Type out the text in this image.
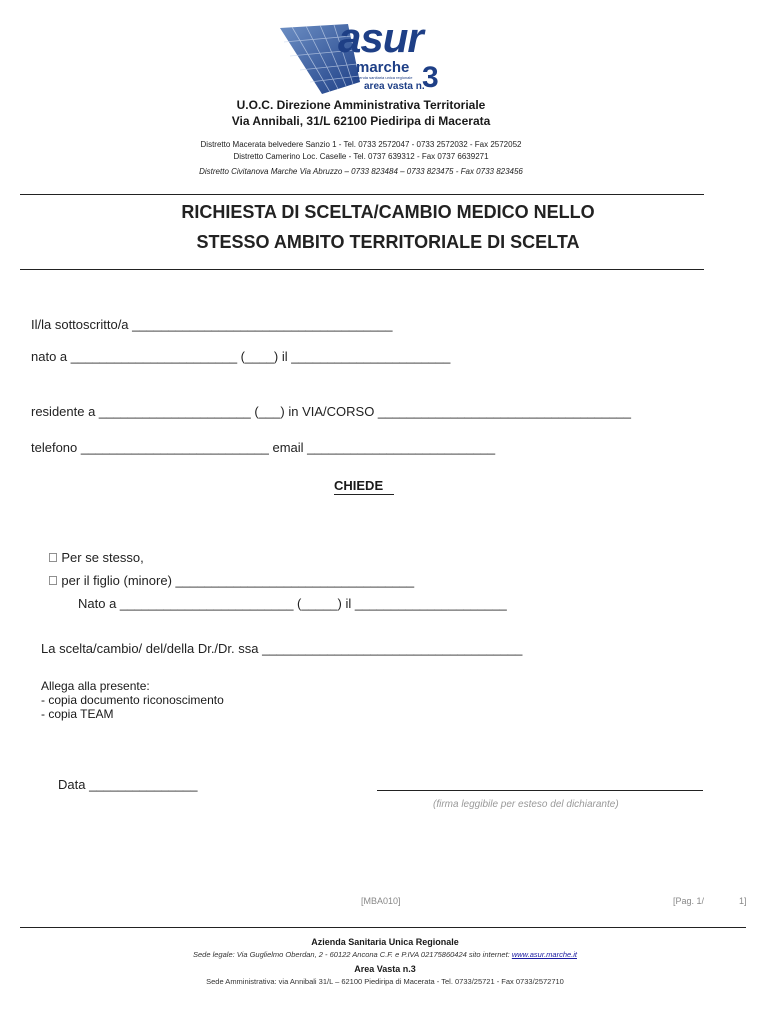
asur
marche
azienda sanitaria unica regionale
area vasta n.
3
U.O.C. Direzione Amministrativa Territoriale
Via Annibali, 31/L 62100 Piediripa di Macerata
Distretto Macerata belvedere Sanzio 1 - Tel. 0733 2572047 - 0733 2572032 - Fax 2572052
Distretto Camerino Loc. Caselle - Tel. 0737 639312 - Fax 0737 6639271
Distretto Civitanova Marche Via Abruzzo – 0733 823484 – 0733 823475 - Fax 0733 823456
RICHIESTA DI SCELTA/CAMBIO MEDICO NELLO
STESSO AMBITO TERRITORIALE DI SCELTA
Il/la sottoscritto/a ____________________________________
nato a _______________________ (____) il ______________________
residente a _____________________ (___) in VIA/CORSO ___________________________________
telefono __________________________ email __________________________
CHIEDE
Per se stesso,
per il figlio (minore) _________________________________
Nato a ________________________ (_____) il _____________________
La scelta/cambio/ del/della Dr./Dr. ssa ____________________________________
Allega alla presente:
- copia documento riconoscimento
- copia TEAM
Data _______________
(firma leggibile per esteso del dichiarante)
[MBA010]	[Pag. 1/	1]
Azienda Sanitaria Unica Regionale
Sede legale: Via Guglielmo Oberdan, 2 - 60122 Ancona C.F. e P.IVA 02175860424 sito internet: www.asur.marche.it
Area Vasta n.3
Sede Amministrativa: via Annibali 31/L – 62100 Piediripa di Macerata - Tel. 0733/25721 - Fax 0733/2572710
